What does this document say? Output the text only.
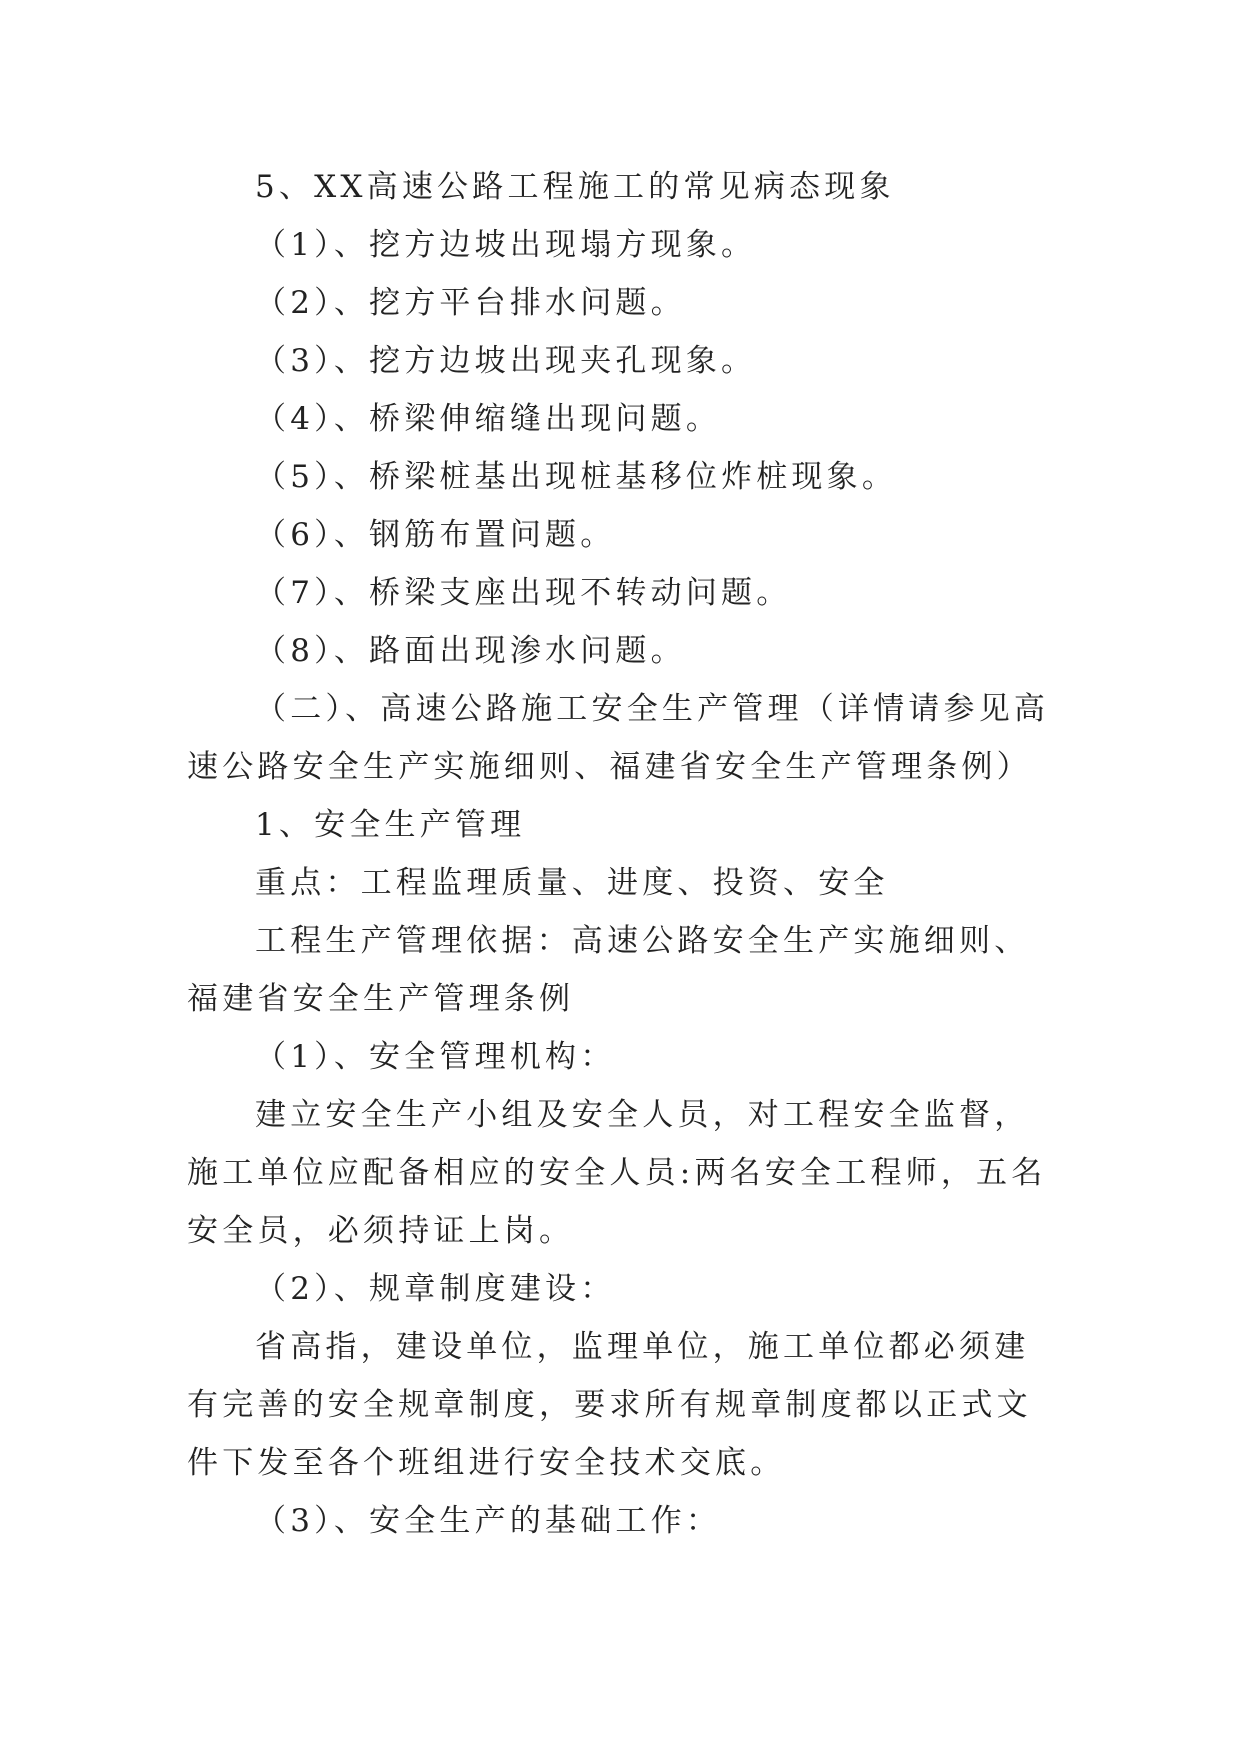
5、XX高速公路工程施工的常见病态现象

（1）、挖方边坡出现塌方现象。

（2）、挖方平台排水问题。

（3）、挖方边坡出现夹孔现象。

（4）、桥梁伸缩缝出现问题。

（5）、桥梁桩基出现桩基移位炸桩现象。

（6）、钢筋布置问题。

（7）、桥梁支座出现不转动问题。

（8）、路面出现渗水问题。

（二）、高速公路施工安全生产管理（详情请参见高速公路安全生产实施细则、福建省安全生产管理条例）

1、安全生产管理

重点：工程监理质量、进度、投资、安全

工程生产管理依据：高速公路安全生产实施细则、福建省安全生产管理条例

（1）、安全管理机构：

建立安全生产小组及安全人员，对工程安全监督，施工单位应配备相应的安全人员:两名安全工程师，五名安全员，必须持证上岗。

（2）、规章制度建设：

省高指，建设单位，监理单位，施工单位都必须建有完善的安全规章制度，要求所有规章制度都以正式文件下发至各个班组进行安全技术交底。

（3）、安全生产的基础工作：
